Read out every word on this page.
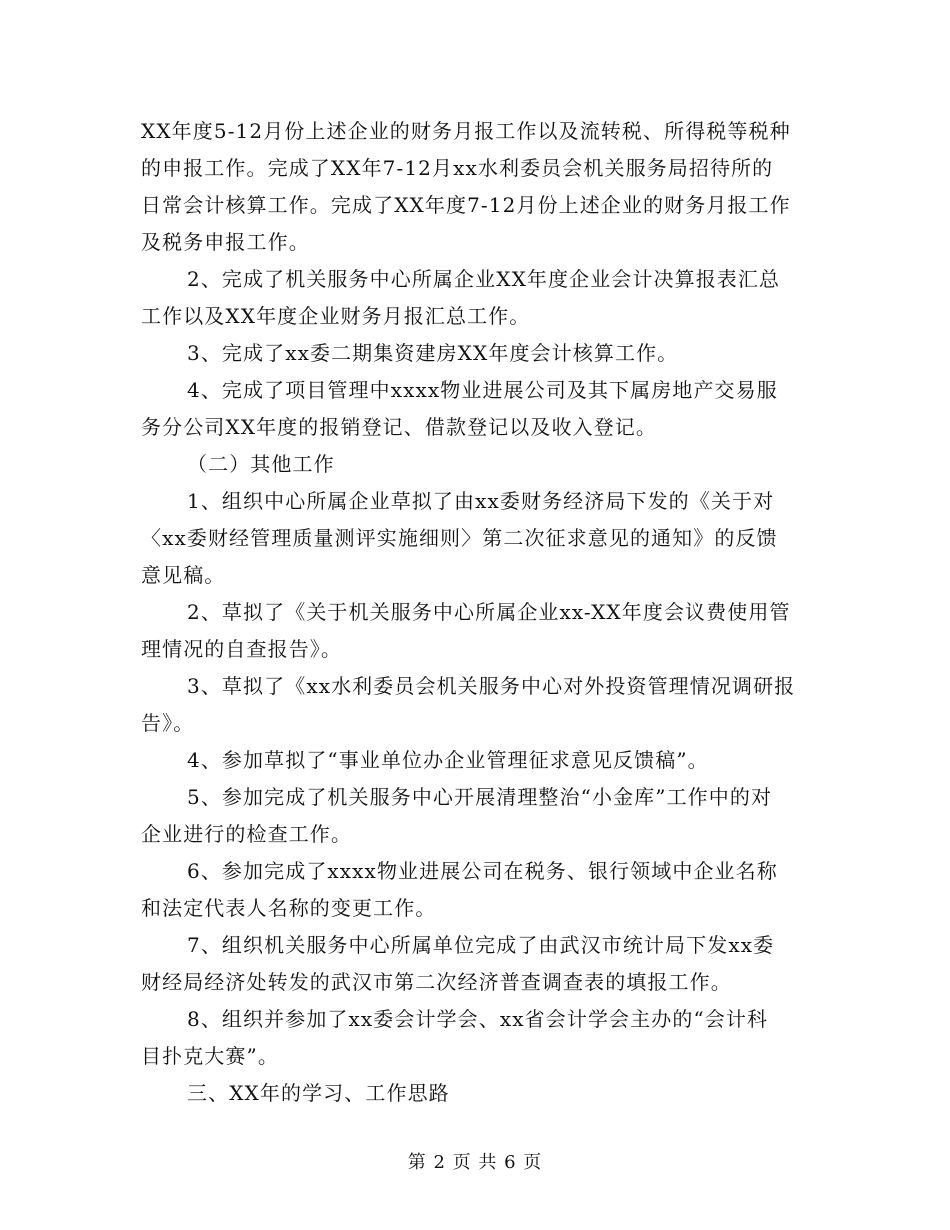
XX年度5-12月份上述企业的财务月报工作以及流转税、所得税等税种
的申报工作。完成了XX年7-12月xx水利委员会机关服务局招待所的
日常会计核算工作。完成了XX年度7-12月份上述企业的财务月报工作
及税务申报工作。
2、完成了机关服务中心所属企业XX年度企业会计决算报表汇总
工作以及XX年度企业财务月报汇总工作。
3、完成了xx委二期集资建房XX年度会计核算工作。
4、完成了项目管理中xxxx物业进展公司及其下属房地产交易服
务分公司XX年度的报销登记、借款登记以及收入登记。
（二）其他工作
1、组织中心所属企业草拟了由xx委财务经济局下发的《关于对
〈xx委财经管理质量测评实施细则〉第二次征求意见的通知》的反馈
意见稿。
2、草拟了《关于机关服务中心所属企业xx-XX年度会议费使用管
理情况的自查报告》。
3、草拟了《xx水利委员会机关服务中心对外投资管理情况调研报
告》。
4、参加草拟了“事业单位办企业管理征求意见反馈稿”。
5、参加完成了机关服务中心开展清理整治“小金库”工作中的对
企业进行的检查工作。
6、参加完成了xxxx物业进展公司在税务、银行领域中企业名称
和法定代表人名称的变更工作。
7、组织机关服务中心所属单位完成了由武汉市统计局下发xx委
财经局经济处转发的武汉市第二次经济普查调查表的填报工作。
8、组织并参加了xx委会计学会、xx省会计学会主办的“会计科
目扑克大赛”。
三、XX年的学习、工作思路
第 2 页 共 6 页
